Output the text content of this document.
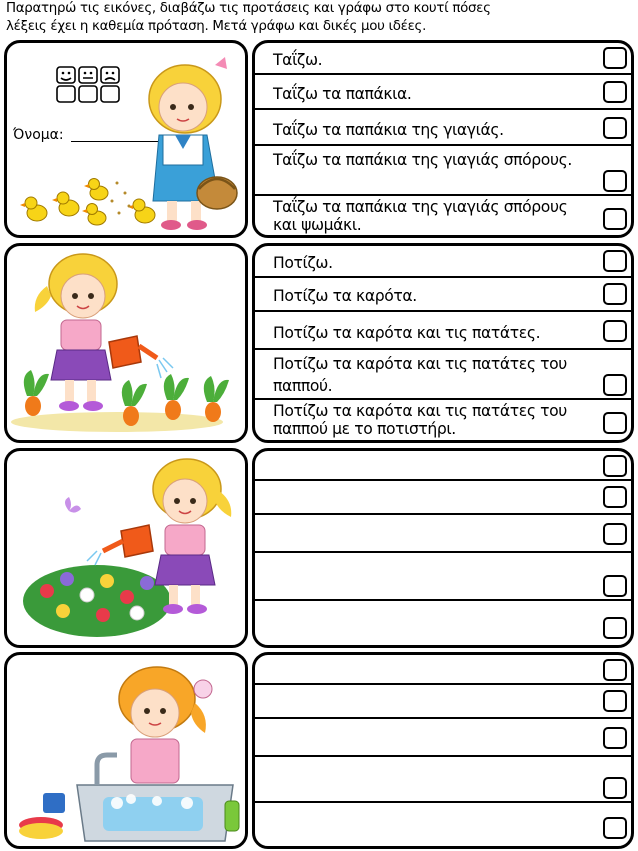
Παρατηρώ τις εικόνες, διαβάζω τις προτάσεις και γράφω στο κουτί πόσες
λέξεις έχει η καθεμία πρόταση. Μετά γράφω και δικές μου ιδέες.
Όνομα:
Ταΐζω.
Ταΐζω τα παπάκια.
Ταΐζω τα παπάκια της γιαγιάς.
Ταΐζω τα παπάκια της γιαγιάς σπόρους.
Ταΐζω τα παπάκια της γιαγιάς σπόρους και ψωμάκι.
Ποτίζω.
Ποτίζω τα καρότα.
Ποτίζω τα καρότα και τις πατάτες.
Ποτίζω τα καρότα και τις πατάτες του παππού.
Ποτίζω τα καρότα και τις πατάτες του παππού με το ποτιστήρι.
